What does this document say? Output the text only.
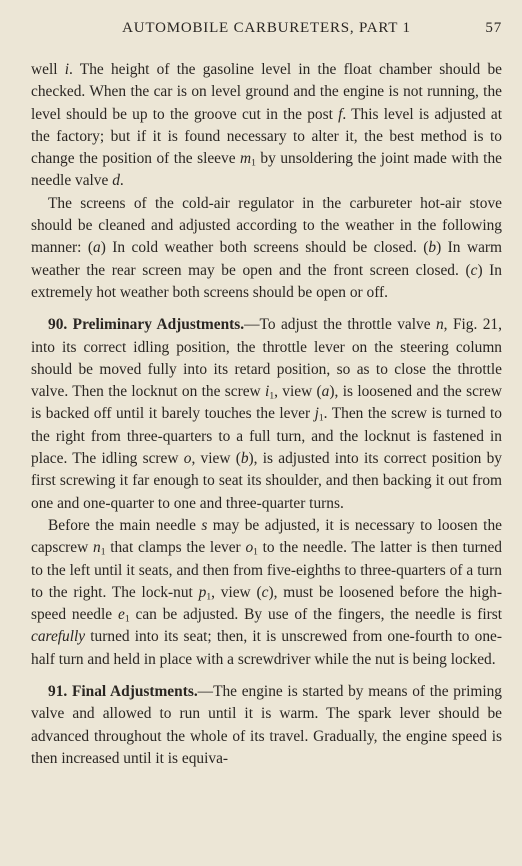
AUTOMOBILE CARBURETERS, PART 1	57

well i. The height of the gasoline level in the float chamber should be checked. When the car is on level ground and the engine is not running, the level should be up to the groove cut in the post f. This level is adjusted at the factory; but if it is found necessary to alter it, the best method is to change the position of the sleeve $m_1$ by unsoldering the joint made with the needle valve d.

The screens of the cold-air regulator in the carbureter hot-air stove should be cleaned and adjusted according to the weather in the following manner: (a) In cold weather both screens should be closed. (b) In warm weather the rear screen may be open and the front screen closed. (c) In extremely hot weather both screens should be open or off.

90. Preliminary Adjustments.—To adjust the throttle valve n, Fig. 21, into its correct idling position, the throttle lever on the steering column should be moved fully into its retard position, so as to close the throttle valve. Then the locknut on the screw $i_1$, view (a), is loosened and the screw is backed off until it barely touches the lever $j_1$. Then the screw is turned to the right from three-quarters to a full turn, and the locknut is fastened in place. The idling screw o, view (b), is adjusted into its correct position by first screwing it far enough to seat its shoulder, and then backing it out from one and one-quarter to one and three-quarter turns.

Before the main needle s may be adjusted, it is necessary to loosen the capscrew $n_1$ that clamps the lever $o_1$ to the needle. The latter is then turned to the left until it seats, and then from five-eighths to three-quarters of a turn to the right. The lock-nut $p_1$, view (c), must be loosened before the high-speed needle $e_1$ can be adjusted. By use of the fingers, the needle is first carefully turned into its seat; then, it is unscrewed from one-fourth to one-half turn and held in place with a screwdriver while the nut is being locked.

91. Final Adjustments.—The engine is started by means of the priming valve and allowed to run until it is warm. The spark lever should be advanced throughout the whole of its travel. Gradually, the engine speed is then increased until it is equiva-
